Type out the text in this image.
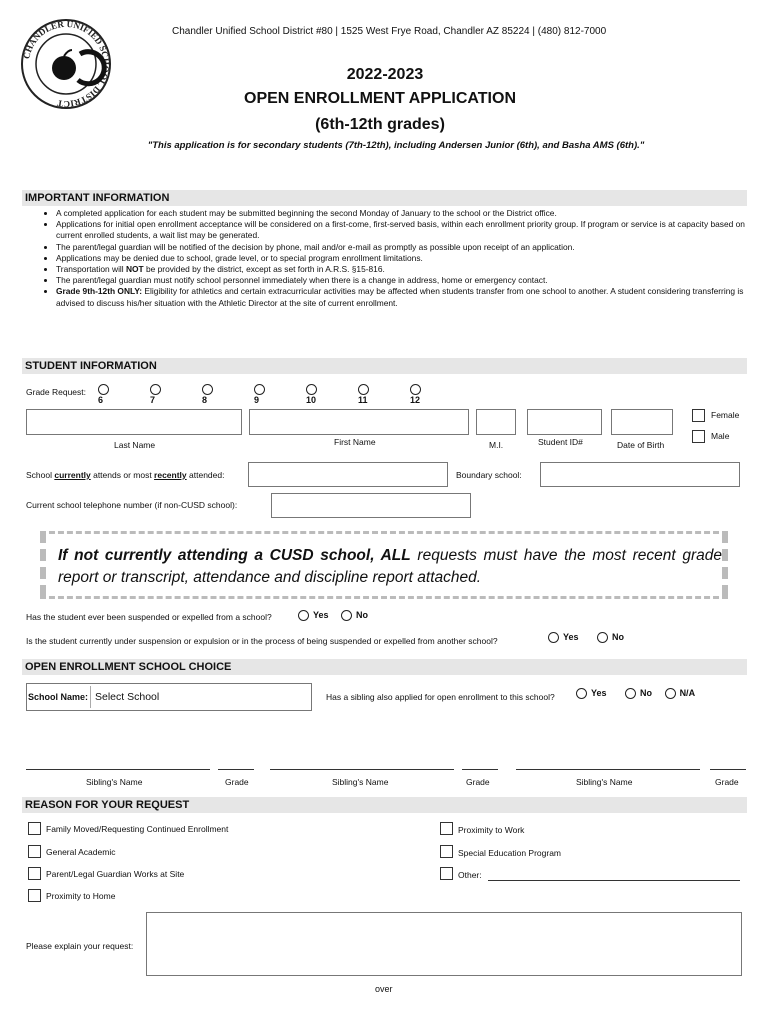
CHANDLER UNIFIED SCHOOL DISTRICT
Chandler Unified School District #80 | 1525 West Frye Road, Chandler AZ 85224 | (480) 812-7000
2022-2023
OPEN ENROLLMENT APPLICATION
(6th-12th grades)
"This application is for secondary students (7th-12th), including Andersen Junior (6th), and Basha AMS (6th)."
IMPORTANT INFORMATION
• A completed application for each student may be submitted beginning the second Monday of January to the school or the District office.
• Applications for initial open enrollment acceptance will be considered on a first-come, first-served basis, within each enrollment priority group. If program or service is at capacity based on current enrolled students, a wait list may be generated.
• The parent/legal guardian will be notified of the decision by phone, mail and/or e-mail as promptly as possible upon receipt of an application.
• Applications may be denied due to school, grade level, or to special program enrollment limitations.
• Transportation will NOT be provided by the district, except as set forth in A.R.S. §15-816.
• The parent/legal guardian must notify school personnel immediately when there is a change in address, home or emergency contact.
• Grade 9th-12th ONLY: Eligibility for athletics and certain extracurricular activities may be affected when students transfer from one school to another. A student considering transferring is advised to discuss his/her situation with the Athletic Director at the site of current enrollment.
STUDENT INFORMATION
Grade Request:
6	7	8	9	10	11	12
Female
Male
Last Name	First Name	M.I.	Student ID#	Date of Birth
School currently attends or most recently attended:	Boundary school:
Current school telephone number (if non-CUSD school):
If not currently attending a CUSD school, ALL requests must have the most recent grade report or transcript, attendance and discipline report attached.
Has the student ever been suspended or expelled from a school?	Yes	No
Is the student currently under suspension or expulsion or in the process of being suspended or expelled from another school?	Yes	No
OPEN ENROLLMENT SCHOOL CHOICE
School Name: Select School	Has a sibling also applied for open enrollment to this school?	Yes	No	N/A
Sibling's Name	Grade	Sibling's Name	Grade	Sibling's Name	Grade
REASON FOR YOUR REQUEST
Family Moved/Requesting Continued Enrollment
General Academic
Parent/Legal Guardian Works at Site
Proximity to Home
Proximity to Work
Special Education Program
Other:
Please explain your request:
over
